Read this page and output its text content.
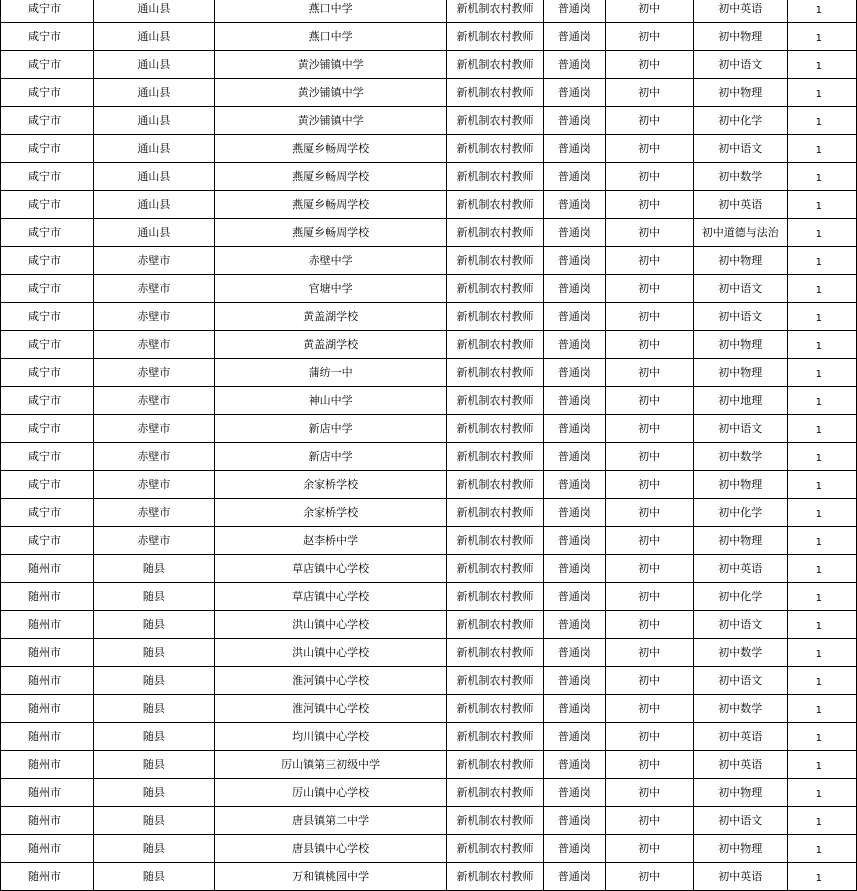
咸宁市	通山县	燕口中学	新机制农村教师	普通岗	初中	初中英语	1
咸宁市	通山县	燕口中学	新机制农村教师	普通岗	初中	初中物理	1
咸宁市	通山县	黄沙铺镇中学	新机制农村教师	普通岗	初中	初中语文	1
咸宁市	通山县	黄沙铺镇中学	新机制农村教师	普通岗	初中	初中物理	1
咸宁市	通山县	黄沙铺镇中学	新机制农村教师	普通岗	初中	初中化学	1
咸宁市	通山县	燕厦乡畅周学校	新机制农村教师	普通岗	初中	初中语文	1
咸宁市	通山县	燕厦乡畅周学校	新机制农村教师	普通岗	初中	初中数学	1
咸宁市	通山县	燕厦乡畅周学校	新机制农村教师	普通岗	初中	初中英语	1
咸宁市	通山县	燕厦乡畅周学校	新机制农村教师	普通岗	初中	初中道德与法治	1
咸宁市	赤壁市	赤壁中学	新机制农村教师	普通岗	初中	初中物理	1
咸宁市	赤壁市	官塘中学	新机制农村教师	普通岗	初中	初中语文	1
咸宁市	赤壁市	黄盖湖学校	新机制农村教师	普通岗	初中	初中语文	1
咸宁市	赤壁市	黄盖湖学校	新机制农村教师	普通岗	初中	初中物理	1
咸宁市	赤壁市	蒲纺一中	新机制农村教师	普通岗	初中	初中物理	1
咸宁市	赤壁市	神山中学	新机制农村教师	普通岗	初中	初中地理	1
咸宁市	赤壁市	新店中学	新机制农村教师	普通岗	初中	初中语文	1
咸宁市	赤壁市	新店中学	新机制农村教师	普通岗	初中	初中数学	1
咸宁市	赤壁市	余家桥学校	新机制农村教师	普通岗	初中	初中物理	1
咸宁市	赤壁市	余家桥学校	新机制农村教师	普通岗	初中	初中化学	1
咸宁市	赤壁市	赵李桥中学	新机制农村教师	普通岗	初中	初中物理	1
随州市	随县	草店镇中心学校	新机制农村教师	普通岗	初中	初中英语	1
随州市	随县	草店镇中心学校	新机制农村教师	普通岗	初中	初中化学	1
随州市	随县	洪山镇中心学校	新机制农村教师	普通岗	初中	初中语文	1
随州市	随县	洪山镇中心学校	新机制农村教师	普通岗	初中	初中数学	1
随州市	随县	淮河镇中心学校	新机制农村教师	普通岗	初中	初中语文	1
随州市	随县	淮河镇中心学校	新机制农村教师	普通岗	初中	初中数学	1
随州市	随县	均川镇中心学校	新机制农村教师	普通岗	初中	初中英语	1
随州市	随县	厉山镇第三初级中学	新机制农村教师	普通岗	初中	初中英语	1
随州市	随县	厉山镇中心学校	新机制农村教师	普通岗	初中	初中物理	1
随州市	随县	唐县镇第二中学	新机制农村教师	普通岗	初中	初中语文	1
随州市	随县	唐县镇中心学校	新机制农村教师	普通岗	初中	初中物理	1
随州市	随县	万和镇桃园中学	新机制农村教师	普通岗	初中	初中英语	1
